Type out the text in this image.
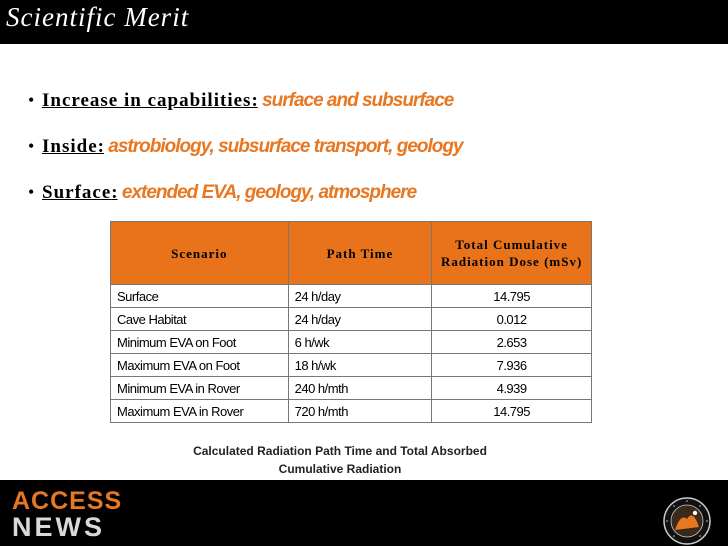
Scientific Merit
• Increase in capabilities: surface and subsurface
• Inside: astrobiology, subsurface transport, geology
• Surface: extended EVA, geology, atmosphere
Scenario	Path Time	Total Cumulative Radiation Dose (mSv)
Surface	24 h/day	14.795
Cave Habitat	24 h/day	0.012
Minimum EVA on Foot	6 h/wk	2.653
Maximum EVA on Foot	18 h/wk	7.936
Minimum EVA in Rover	240 h/mth	4.939
Maximum EVA in Rover	720 h/mth	14.795
Calculated Radiation Path Time and Total Absorbed
Cumulative Radiation
ACCESS
NEWS
